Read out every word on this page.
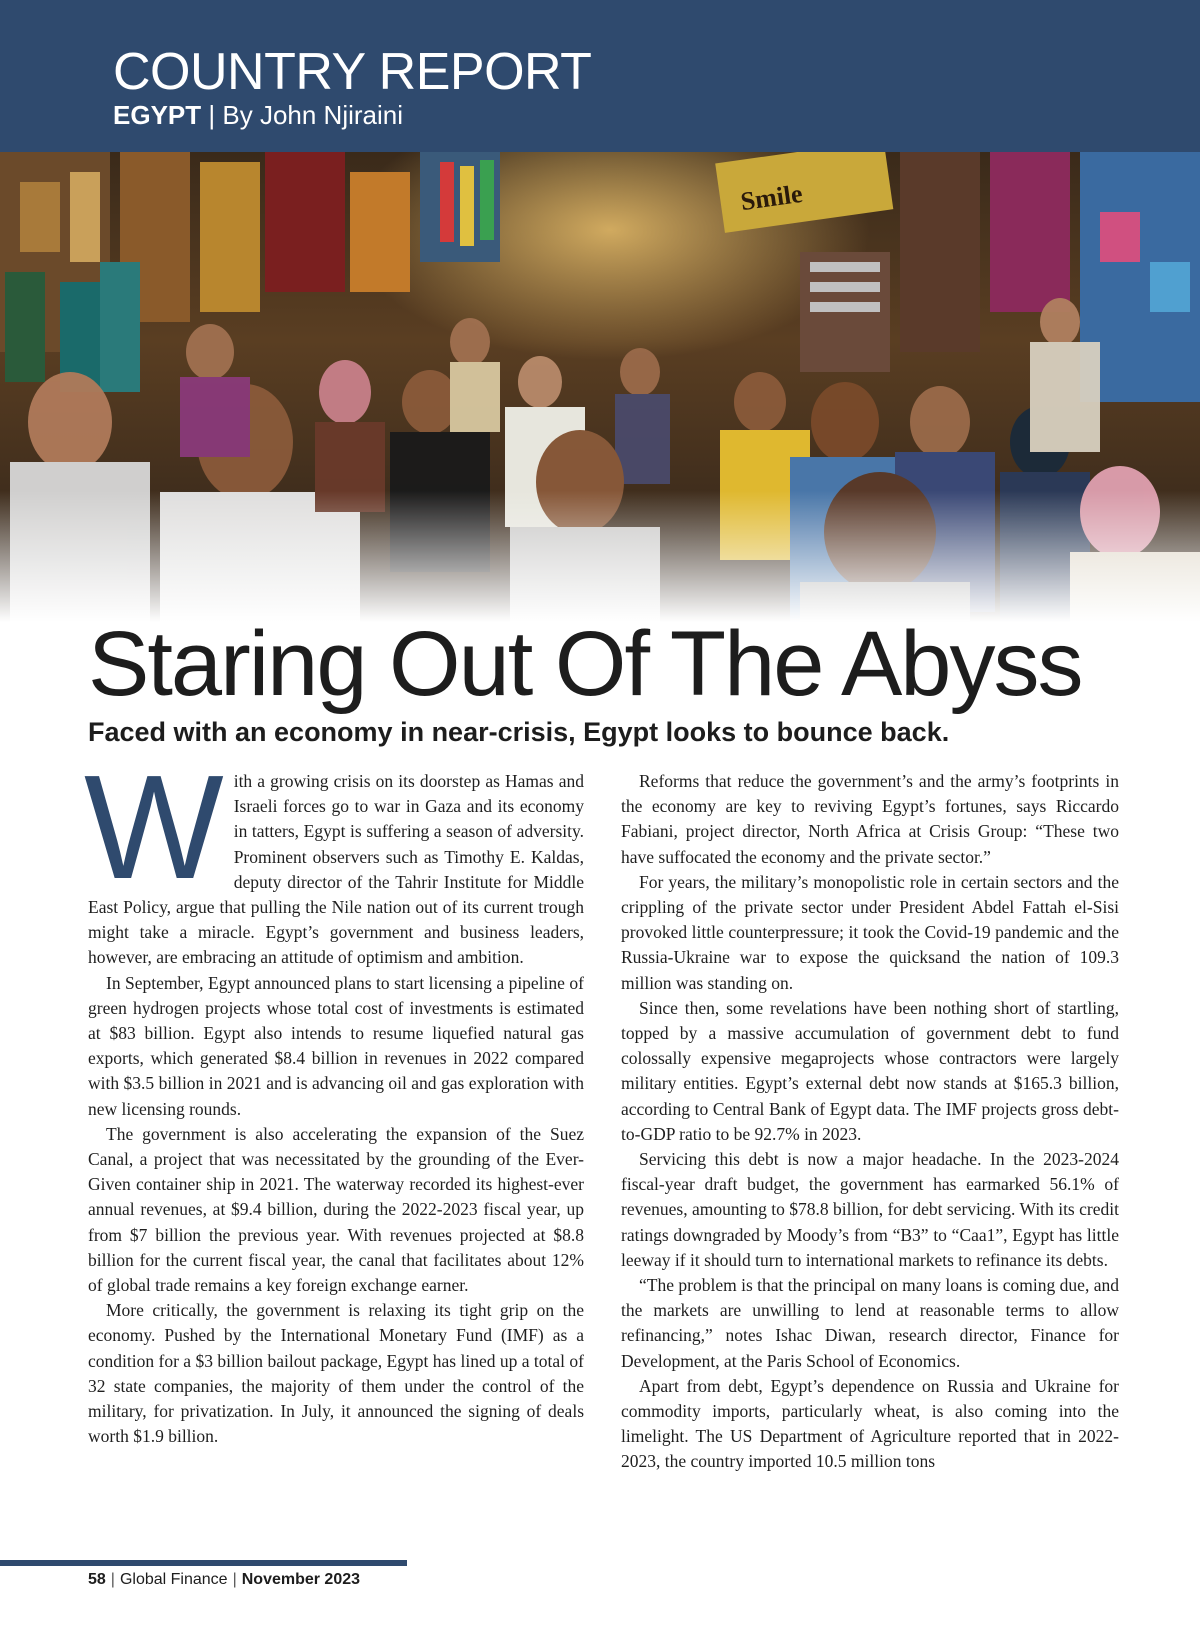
COUNTRY REPORT
EGYPT | By John Njiraini
Staring Out Of The Abyss
Faced with an economy in near-crisis, Egypt looks to bounce back.

With a growing crisis on its doorstep as Hamas and Israeli forces go to war in Gaza and its economy in tatters, Egypt is suffering a season of adversity. Prominent observers such as Timothy E. Kaldas, deputy director of the Tahrir Institute for Middle East Policy, argue that pulling the Nile nation out of its current trough might take a miracle. Egypt’s government and business leaders, however, are embracing an attitude of optimism and ambition.

In September, Egypt announced plans to start licensing a pipeline of green hydrogen projects whose total cost of investments is estimated at $83 billion. Egypt also intends to resume liquefied natural gas exports, which generated $8.4 billion in revenues in 2022 compared with $3.5 billion in 2021 and is advancing oil and gas exploration with new licensing rounds.

The government is also accelerating the expansion of the Suez Canal, a project that was necessitated by the grounding of the Ever-Given container ship in 2021. The waterway recorded its highest-ever annual revenues, at $9.4 billion, during the 2022-2023 fiscal year, up from $7 billion the previous year. With revenues projected at $8.8 billion for the current fiscal year, the canal that facilitates about 12% of global trade remains a key foreign exchange earner.

More critically, the government is relaxing its tight grip on the economy. Pushed by the International Monetary Fund (IMF) as a condition for a $3 billion bailout package, Egypt has lined up a total of 32 state companies, the majority of them under the control of the military, for privatization. In July, it announced the signing of deals worth $1.9 billion.

Reforms that reduce the government’s and the army’s footprints in the economy are key to reviving Egypt’s fortunes, says Riccardo Fabiani, project director, North Africa at Crisis Group: “These two have suffocated the economy and the private sector.”

For years, the military’s monopolistic role in certain sectors and the crippling of the private sector under President Abdel Fattah el-Sisi provoked little counterpressure; it took the Covid-19 pandemic and the Russia-Ukraine war to expose the quicksand the nation of 109.3 million was standing on.

Since then, some revelations have been nothing short of startling, topped by a massive accumulation of government debt to fund colossally expensive megaprojects whose contractors were largely military entities. Egypt’s external debt now stands at $165.3 billion, according to Central Bank of Egypt data. The IMF projects gross debt-to-GDP ratio to be 92.7% in 2023.

Servicing this debt is now a major headache. In the 2023-2024 fiscal-year draft budget, the government has earmarked 56.1% of revenues, amounting to $78.8 billion, for debt servicing. With its credit ratings downgraded by Moody’s from “B3” to “Caa1”, Egypt has little leeway if it should turn to international markets to refinance its debts.

“The problem is that the principal on many loans is coming due, and the markets are unwilling to lend at reasonable terms to allow refinancing,” notes Ishac Diwan, research director, Finance for Development, at the Paris School of Economics.

Apart from debt, Egypt’s dependence on Russia and Ukraine for commodity imports, particularly wheat, is also coming into the limelight. The US Department of Agriculture reported that in 2022-2023, the country imported 10.5 million tons

58 | Global Finance | November 2023
